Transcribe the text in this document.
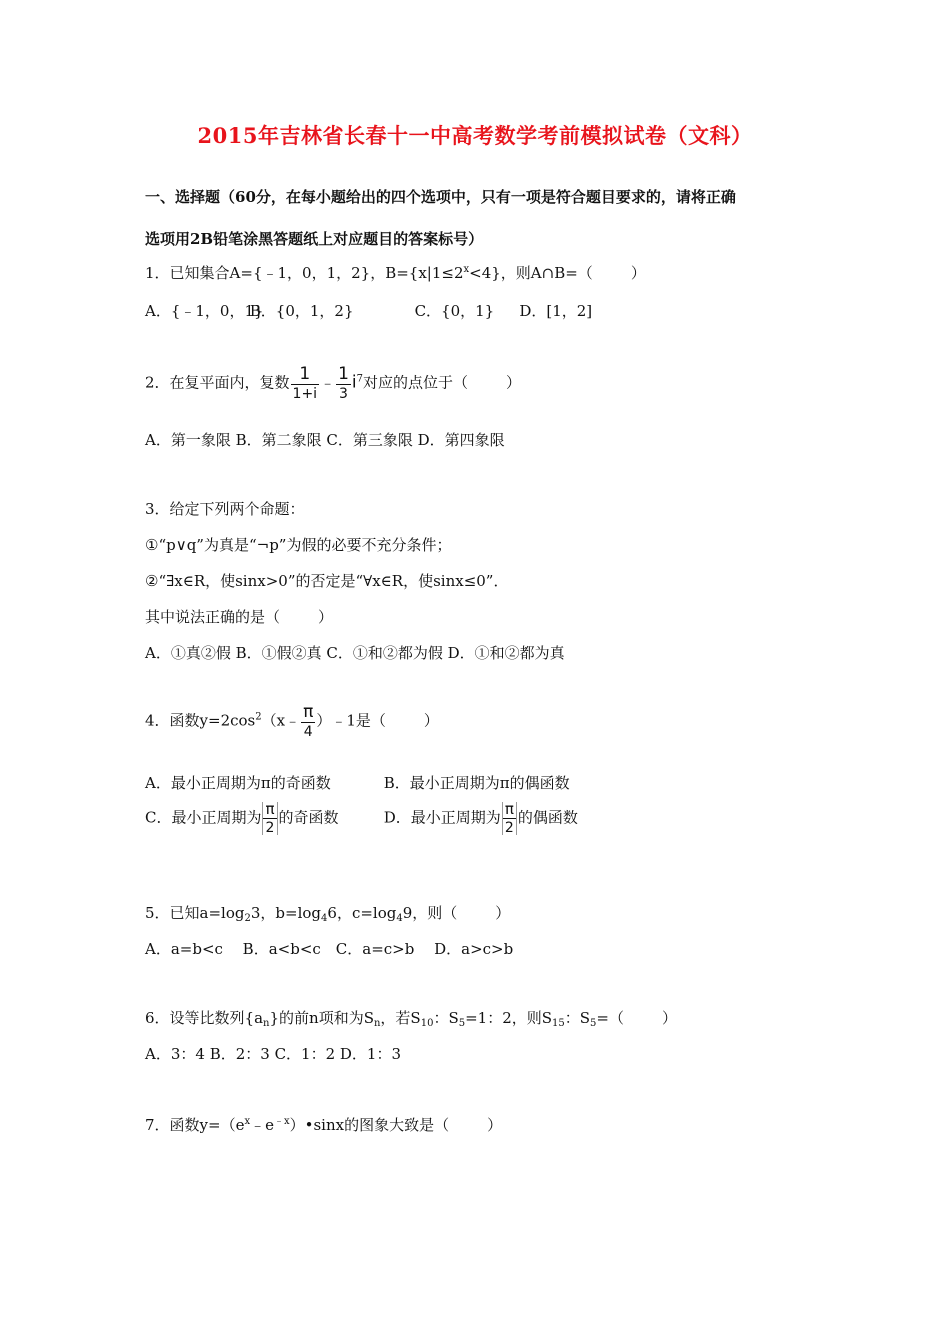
2015年吉林省长春十一中高考数学考前模拟试卷（文科）
一、选择题（60分，在每小题给出的四个选项中，只有一项是符合题目要求的，请将正确
选项用2B铅笔涂黑答题纸上对应题目的答案标号）
1．已知集合A={﹣1，0，1，2}，$B=\{x|1\le 2^x<4\}$，则A∩B=（	）
A．{﹣1，0，1} B．{0，1，2}	C．{0，1} D．[1，2]
2．在复平面内，复数 $\frac{1}{1+i}$ ﹣ $\frac{1}{3} i^7$对应的点位于（	）
A．第一象限 B．第二象限 C．第三象限 D．第四象限
3．给定下列两个命题：
①“p∨q”为真是“¬p”为假的必要不充分条件；
②“∃x∈R，使sinx>0”的否定是“∀x∈R，使sinx≤0”．
其中说法正确的是（	）
A．①真②假 B．①假②真 C．①和②都为假 D．①和②都为真
4．函数$y=2\cos^2(x﹣ \frac{\pi}{4}$ ）﹣1是（	）
A．最小正周期为π的奇函数	B．最小正周期为π的偶函数
C．最小正周期为 $\frac{\pi}{2}$ 的奇函数	D．最小正周期为 $\frac{\pi}{2}$ 的偶函数
5．已知$a=\log_23$，$b=\log_46$，$c=\log_49$，则（	）
A．a=b<c　 B．a<b<c　C．a=c>b　 D．a>c>b
6．设等比数列$\{a_n\}$的前n项和为$S_n$，若$S_{10}$：$S_5=1$：2，则$S_{15}$：$S_5=$（	）
A．3：4 B．2：3 C．1：2 D．1：3
7．函数$y=(e^x﹣e^{﹣x})•\sin x$的图象大致是（	）
